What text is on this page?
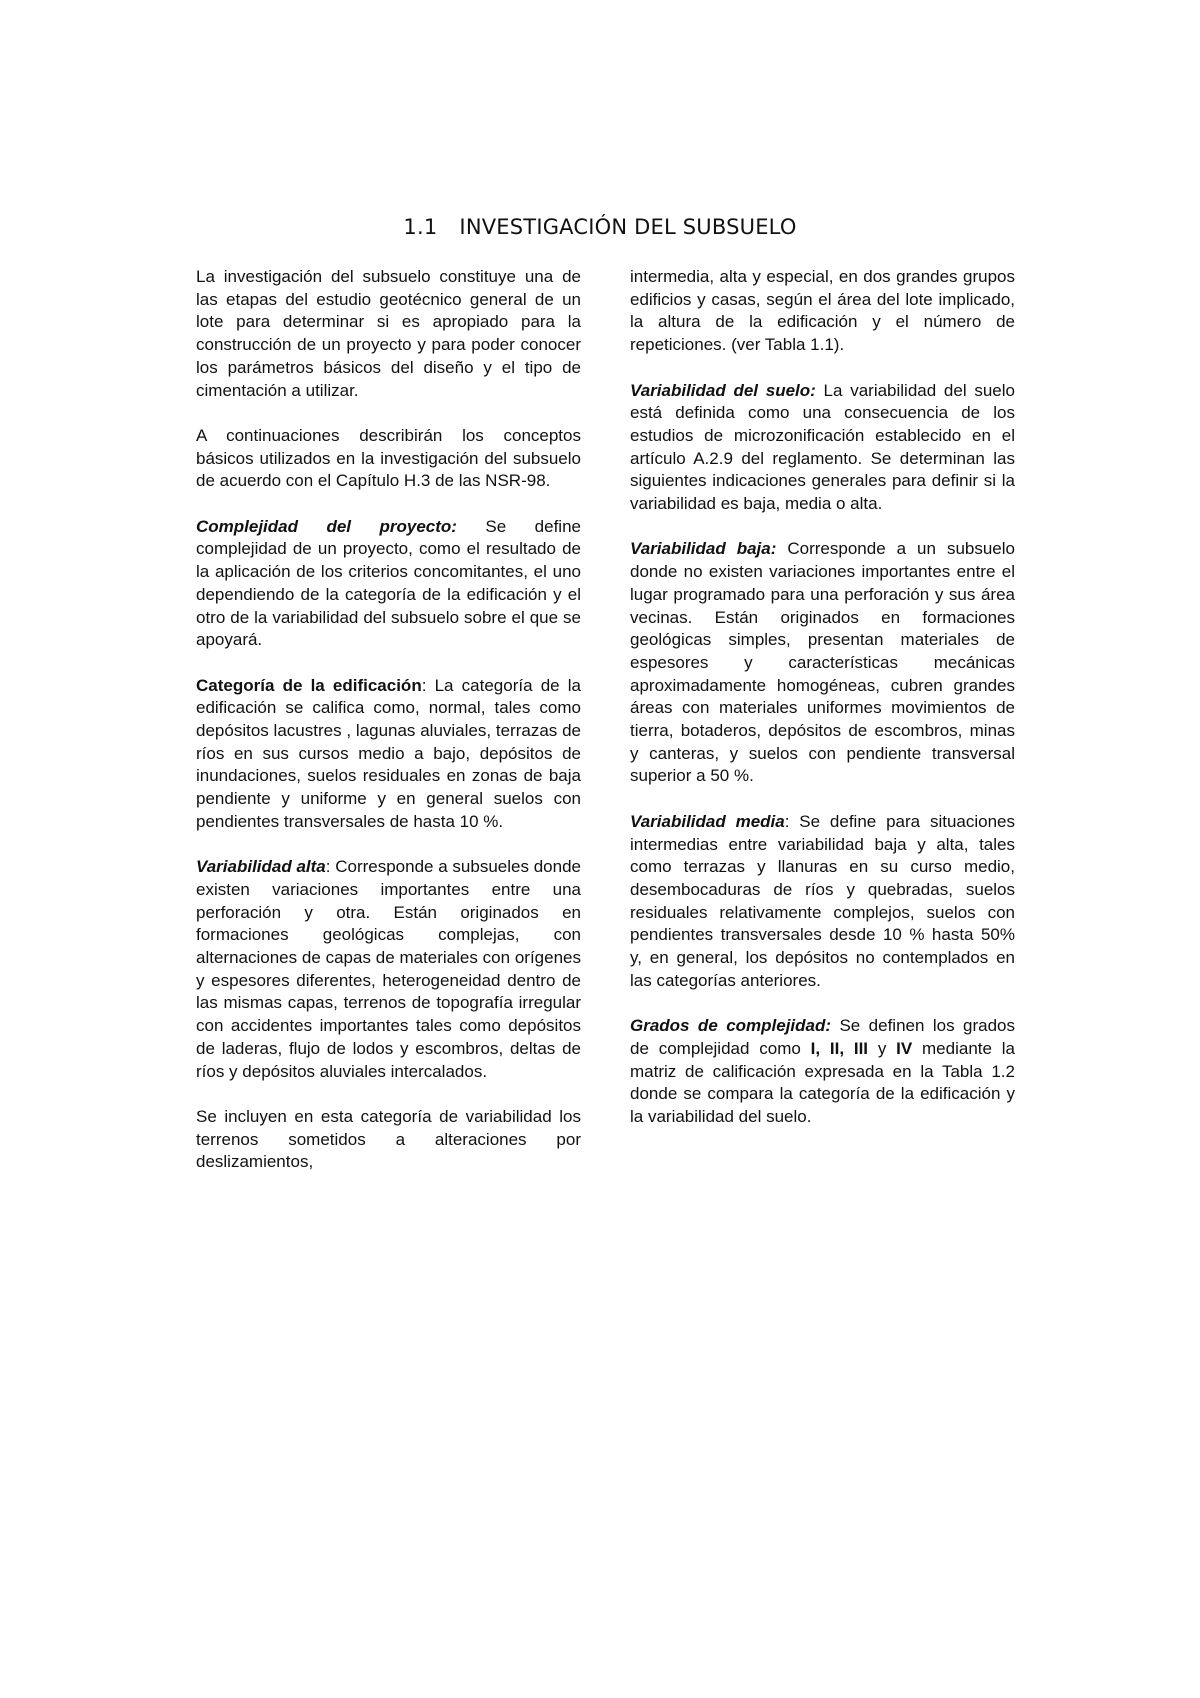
1.1 INVESTIGACIÓN DEL SUBSUELO

La investigación del subsuelo constituye una de las etapas del estudio geotécnico general de un lote para determinar si es apropiado para la construcción de un proyecto y para poder conocer los parámetros básicos del diseño y el tipo de cimentación a utilizar.

A continuaciones describirán los conceptos básicos utilizados en la investigación del subsuelo de acuerdo con el Capítulo H.3 de las NSR-98.

Complejidad del proyecto: Se define complejidad de un proyecto, como el resultado de la aplicación de los criterios concomitantes, el uno dependiendo de la categoría de la edificación y el otro de la variabilidad del subsuelo sobre el que se apoyará.

Categoría de la edificación: La categoría de la edificación se califica como, normal, tales como depósitos lacustres , lagunas aluviales, terrazas de ríos en sus cursos medio a bajo, depósitos de inundaciones, suelos residuales en zonas de baja pendiente y uniforme y en general suelos con pendientes transversales de hasta 10 %.

Variabilidad alta: Corresponde a subsueles donde existen variaciones importantes entre una perforación y otra. Están originados en formaciones geológicas complejas, con alternaciones de capas de materiales con orígenes y espesores diferentes, heterogeneidad dentro de las mismas capas, terrenos de topografía irregular con accidentes importantes tales como depósitos de laderas, flujo de lodos y escombros, deltas de ríos y depósitos aluviales intercalados.

Se incluyen en esta categoría de variabilidad los terrenos sometidos a alteraciones por deslizamientos,

intermedia, alta y especial, en dos grandes grupos edificios y casas, según el área del lote implicado, la altura de la edificación y el número de repeticiones. (ver Tabla 1.1).

Variabilidad del suelo: La variabilidad del suelo está definida como una consecuencia de los estudios de microzonificación establecido en el artículo A.2.9 del reglamento. Se determinan las siguientes indicaciones generales para definir si la variabilidad es baja, media o alta.

Variabilidad baja: Corresponde a un subsuelo donde no existen variaciones importantes entre el lugar programado para una perforación y sus área vecinas. Están originados en formaciones geológicas simples, presentan materiales de espesores y características mecánicas aproximadamente homogéneas, cubren grandes áreas con materiales uniformes movimientos de tierra, botaderos, depósitos de escombros, minas y canteras, y suelos con pendiente transversal superior a 50 %.

Variabilidad media: Se define para situaciones intermedias entre variabilidad baja y alta, tales como terrazas y llanuras en su curso medio, desembocaduras de ríos y quebradas, suelos residuales relativamente complejos, suelos con pendientes transversales desde 10 % hasta 50% y, en general, los depósitos no contemplados en las categorías anteriores.

Grados de complejidad: Se definen los grados de complejidad como I, II, III y IV mediante la matriz de calificación expresada en la Tabla 1.2 donde se compara la categoría de la edificación y la variabilidad del suelo.
